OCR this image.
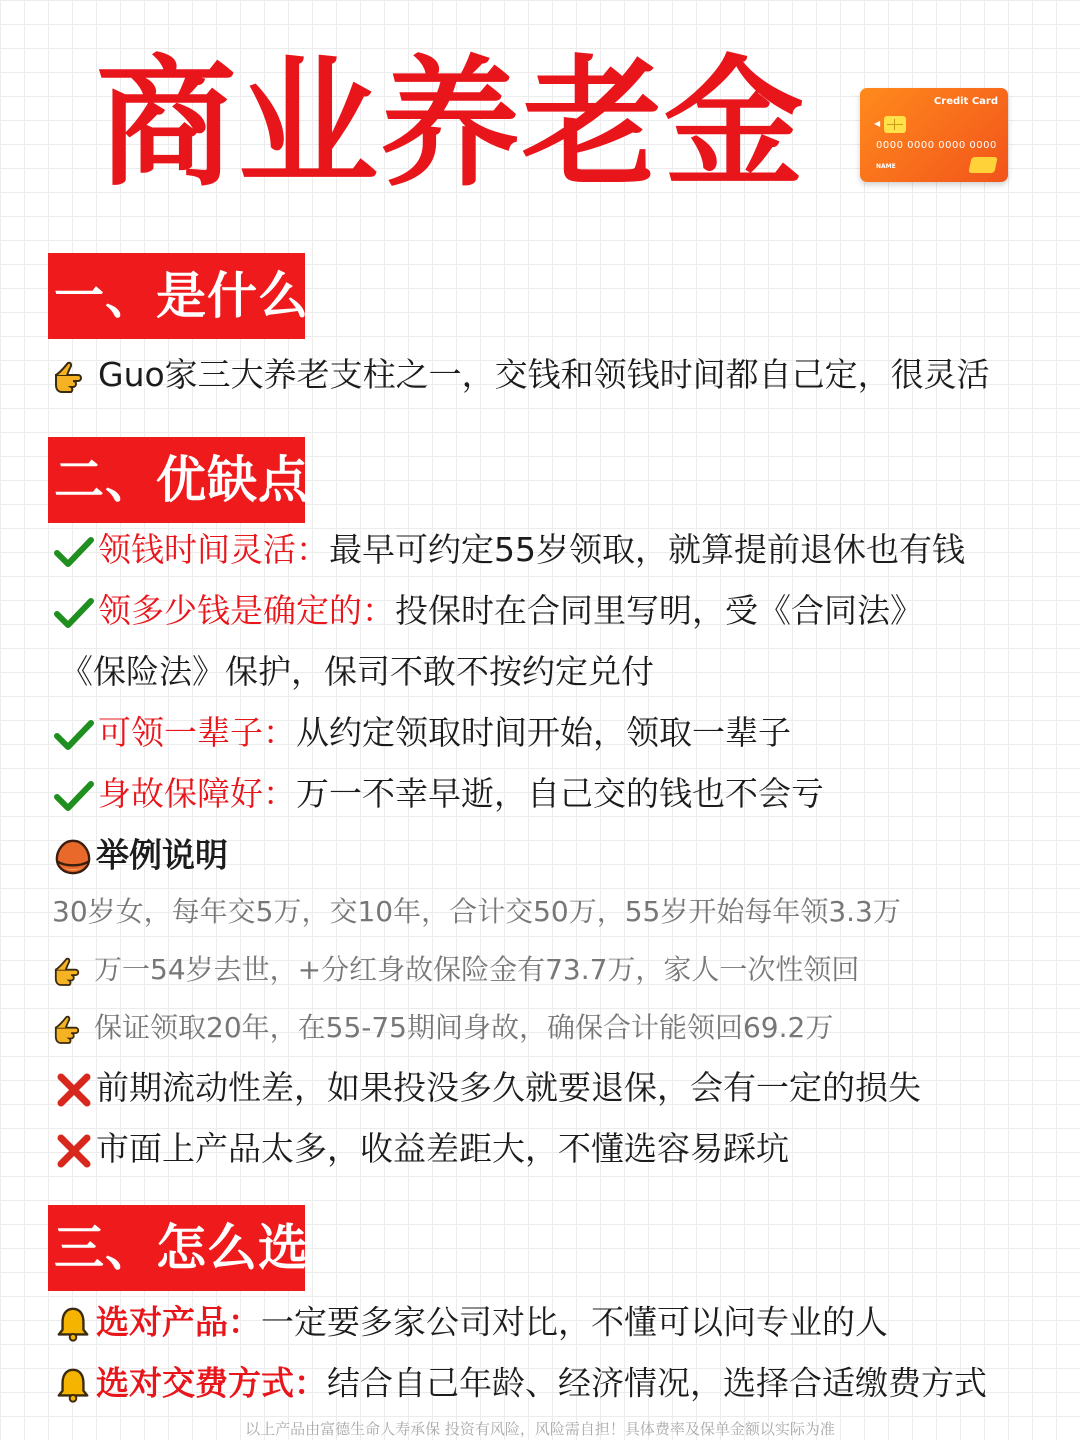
商业养老金	Credit Card
◀
0000 0000 0000 0000
NAME
一、是什么
Guo家三大养老支柱之一，交钱和领钱时间都自己定，很灵活
二、优缺点
领钱时间灵活：最早可约定55岁领取，就算提前退休也有钱
领多少钱是确定的：投保时在合同里写明，受《合同法》
《保险法》保护，保司不敢不按约定兑付
可领一辈子：从约定领取时间开始，领取一辈子
身故保障好：万一不幸早逝，自己交的钱也不会亏
举例说明
30岁女，每年交5万，交10年，合计交50万，55岁开始每年领3.3万
万一54岁去世，+分红身故保险金有73.7万，家人一次性领回
保证领取20年，在55-75期间身故，确保合计能领回69.2万
前期流动性差，如果投没多久就要退保，会有一定的损失
市面上产品太多，收益差距大，不懂选容易踩坑
三、怎么选
选对产品：一定要多家公司对比，不懂可以问专业的人
选对交费方式：结合自己年龄、经济情况，选择合适缴费方式
以上产品由富德生命人寿承保 投资有风险，风险需自担！具体费率及保单金额以实际为准
